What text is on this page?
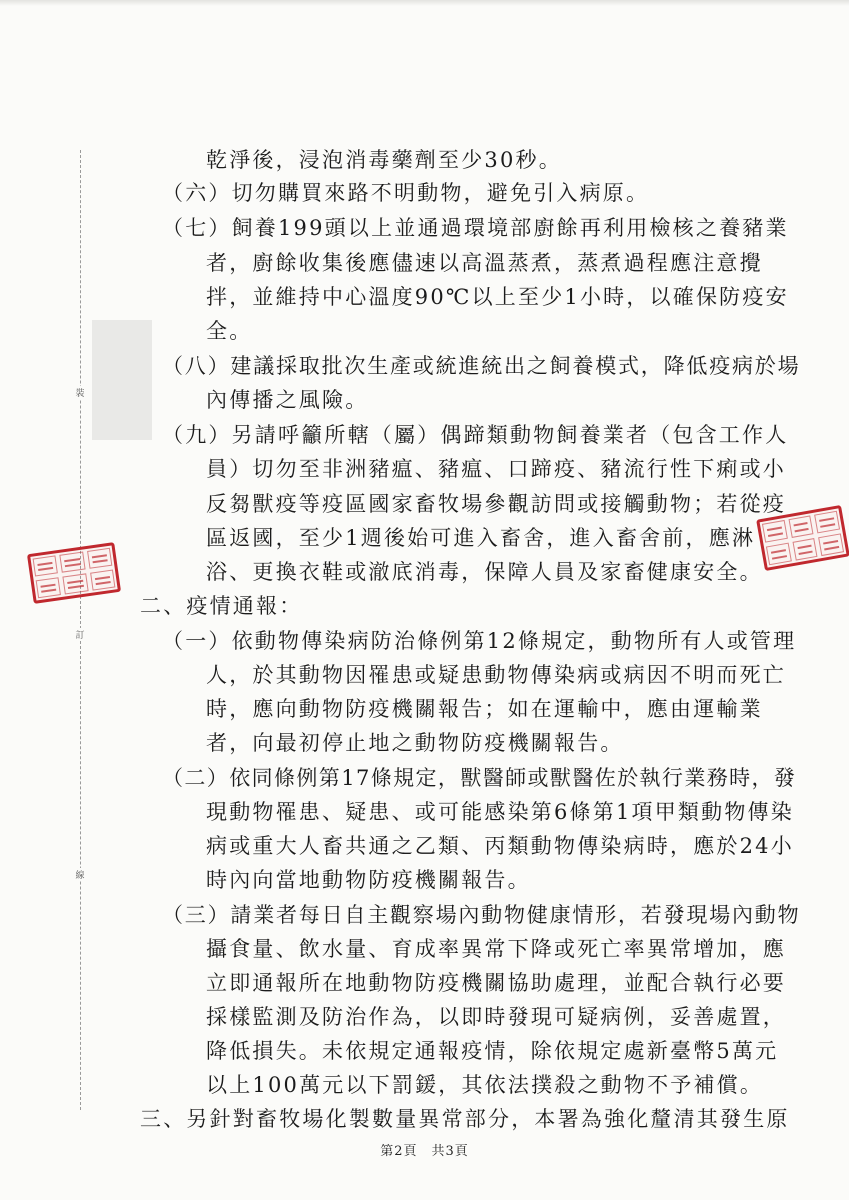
裝
訂
線
乾淨後，浸泡消毒藥劑至少30秒。
（六）切勿購買來路不明動物，避免引入病原。
（七）飼養199頭以上並通過環境部廚餘再利用檢核之養豬業
者，廚餘收集後應儘速以高溫蒸煮，蒸煮過程應注意攪
拌，並維持中心溫度90℃以上至少1小時，以確保防疫安
全。
（八）建議採取批次生產或統進統出之飼養模式，降低疫病於場
內傳播之風險。
（九）另請呼籲所轄（屬）偶蹄類動物飼養業者（包含工作人
員）切勿至非洲豬瘟、豬瘟、口蹄疫、豬流行性下痢或小
反芻獸疫等疫區國家畜牧場參觀訪問或接觸動物；若從疫
區返國，至少1週後始可進入畜舍，進入畜舍前，應淋
浴、更換衣鞋或澈底消毒，保障人員及家畜健康安全。
二、疫情通報：
（一）依動物傳染病防治條例第12條規定，動物所有人或管理
人，於其動物因罹患或疑患動物傳染病或病因不明而死亡
時，應向動物防疫機關報告；如在運輸中，應由運輸業
者，向最初停止地之動物防疫機關報告。
（二）依同條例第17條規定，獸醫師或獸醫佐於執行業務時，發
現動物罹患、疑患、或可能感染第6條第1項甲類動物傳染
病或重大人畜共通之乙類、丙類動物傳染病時，應於24小
時內向當地動物防疫機關報告。
（三）請業者每日自主觀察場內動物健康情形，若發現場內動物
攝食量、飲水量、育成率異常下降或死亡率異常增加，應
立即通報所在地動物防疫機關協助處理，並配合執行必要
採樣監測及防治作為，以即時發現可疑病例，妥善處置，
降低損失。未依規定通報疫情，除依規定處新臺幣5萬元
以上100萬元以下罰鍰，其依法撲殺之動物不予補償。
三、另針對畜牧場化製數量異常部分，本署為強化釐清其發生原
第2頁　共3頁
